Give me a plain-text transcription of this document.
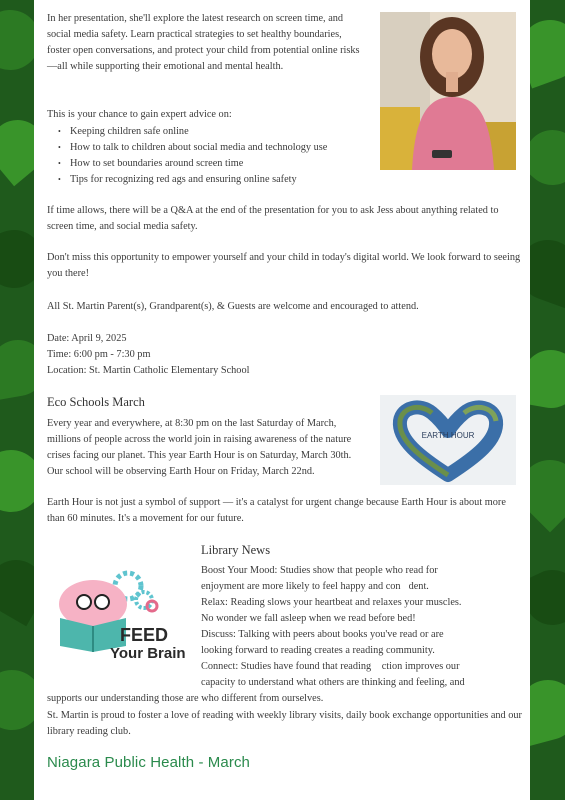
In her presentation, she'll explore the latest research on screen time, and social media safety. Learn practical strategies to set healthy boundaries, foster open conversations, and protect your child from potential online risks—all while supporting their emotional and mental health.
This is your chance to gain expert advice on:
• Keeping children safe online
• How to talk to children about social media and technology use
• How to set boundaries around screen time
• Tips for recognizing red ags and ensuring online safety
If time allows, there will be a Q&A at the end of the presentation for you to ask Jess about anything related to screen time, and social media safety.
Don't miss this opportunity to empower yourself and your child in today's digital world. We look forward to seeing you there!
All St. Martin Parent(s), Grandparent(s), & Guests are welcome and encouraged to attend.
Date: April 9, 2025
Time: 6:00 pm - 7:30 pm
Location: St. Martin Catholic Elementary School
Eco Schools March
Every year and everywhere, at 8:30 pm on the last Saturday of March, millions of people across the world join in raising awareness of the nature crises facing our planet. This year Earth Hour is on Saturday, March 30th. Our school will be observing Earth Hour on Friday, March 22nd.
EARTH HOUR
Earth Hour is not just a symbol of support — it's a catalyst for urgent change because Earth Hour is about more than 60 minutes. It's a movement for our future.
FEED
Your Brain
Library News
Boost Your Mood: Studies show that people who read for
enjoyment are more likely to feel happy and con dent.
Relax: Reading slows your heartbeat and relaxes your muscles.
No wonder we fall asleep when we read before bed!
Discuss: Talking with peers about books you've read or are
looking forward to reading creates a reading community.
Connect: Studies have found that reading  ction improves our
capacity to understand what others are thinking and feeling, and
supports our understanding those are who different from ourselves.
St. Martin is proud to foster a love of reading with weekly library visits, daily book exchange opportunities and our library reading club.
Niagara Public Health - March
